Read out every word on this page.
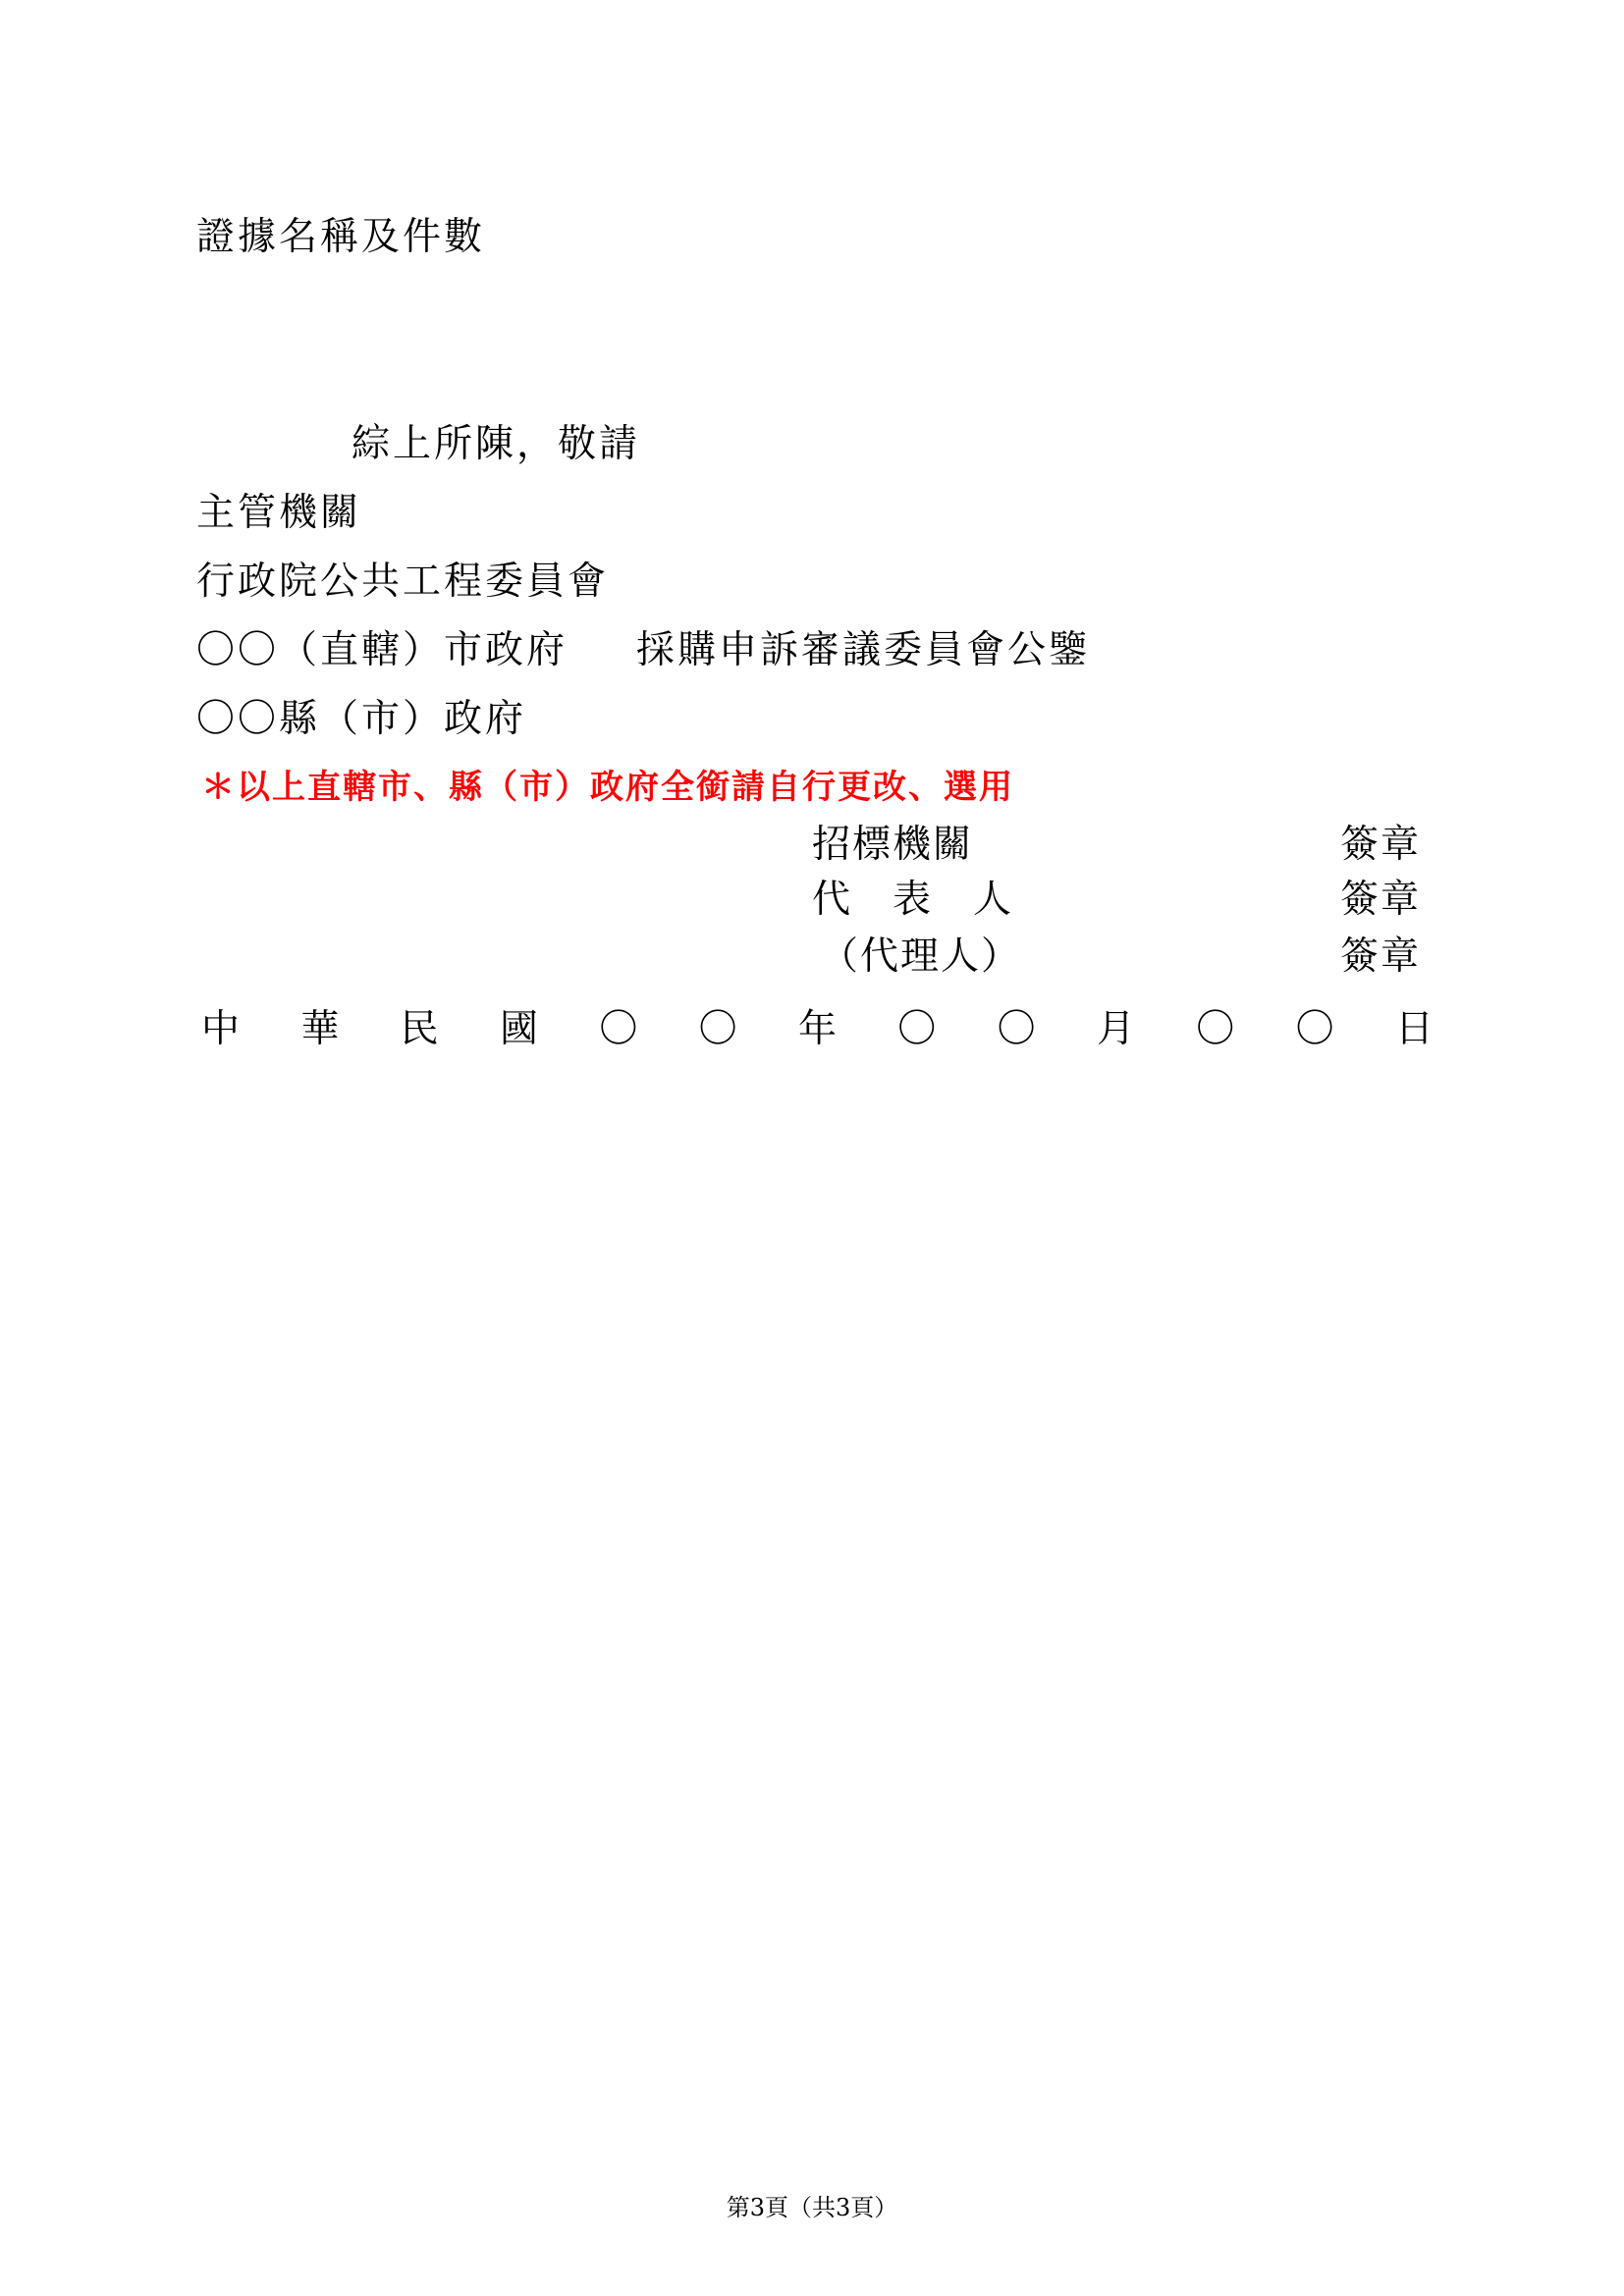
證據名稱及件數
綜上所陳，敬請
主管機關
行政院公共工程委員會
〇〇（直轄）市政府 採購申訴審議委員會公鑒
〇〇縣（市）政府
＊以上直轄市、縣（市）政府全銜請自行更改、選用
招標機關	簽章
代　表　人	簽章
（代理人）	簽章
中 華 民 國 〇 〇 年 〇 〇 月 〇 〇 日
第3頁（共3頁）
